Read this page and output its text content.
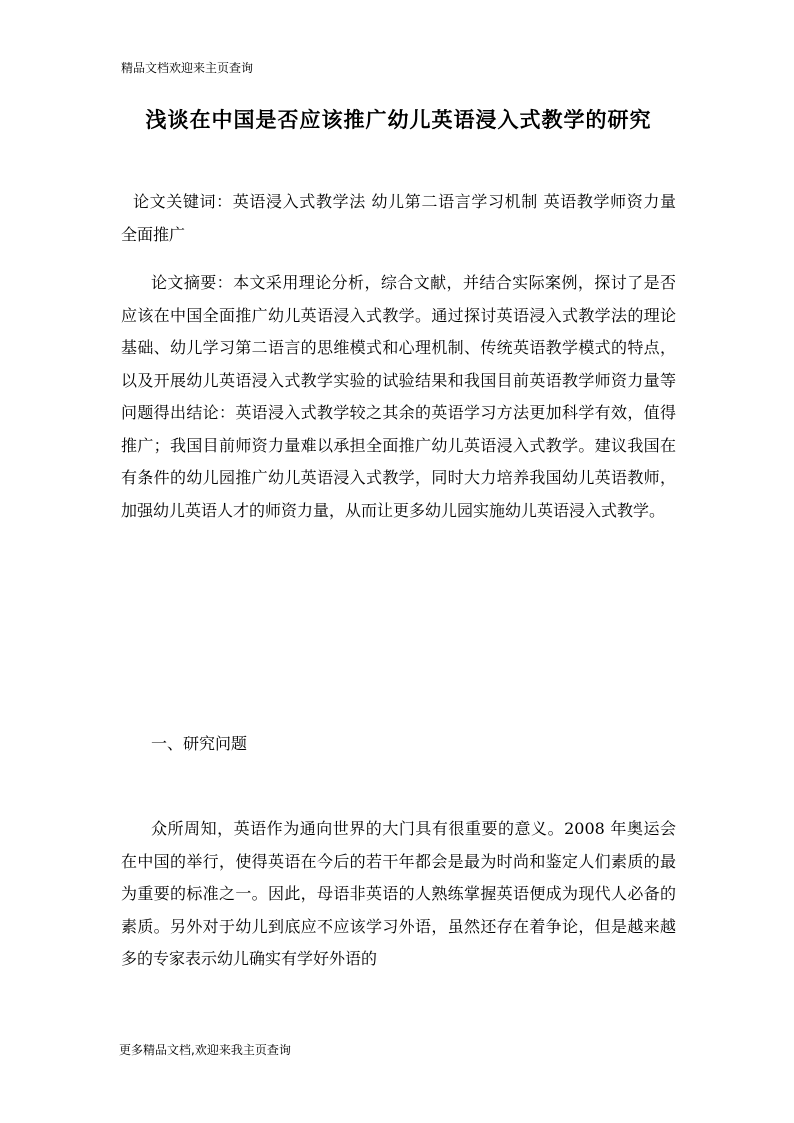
精品文档欢迎来主页查询
浅谈在中国是否应该推广幼儿英语浸入式教学的研究
论文关键词：英语浸入式教学法 幼儿第二语言学习机制 英语教学师资力量 全面推广
论文摘要：本文采用理论分析，综合文献，并结合实际案例，探讨了是否应该在中国全面推广幼儿英语浸入式教学。通过探讨英语浸入式教学法的理论基础、幼儿学习第二语言的思维模式和心理机制、传统英语教学模式的特点，以及开展幼儿英语浸入式教学实验的试验结果和我国目前英语教学师资力量等问题得出结论：英语浸入式教学较之其余的英语学习方法更加科学有效，值得推广；我国目前师资力量难以承担全面推广幼儿英语浸入式教学。建议我国在有条件的幼儿园推广幼儿英语浸入式教学，同时大力培养我国幼儿英语教师，加强幼儿英语人才的师资力量，从而让更多幼儿园实施幼儿英语浸入式教学。
一、研究问题
众所周知，英语作为通向世界的大门具有很重要的意义。2008 年奥运会在中国的举行，使得英语在今后的若干年都会是最为时尚和鉴定人们素质的最为重要的标准之一。因此，母语非英语的人熟练掌握英语便成为现代人必备的素质。另外对于幼儿到底应不应该学习外语，虽然还存在着争论，但是越来越多的专家表示幼儿确实有学好外语的
更多精品文档,欢迎来我主页查询
